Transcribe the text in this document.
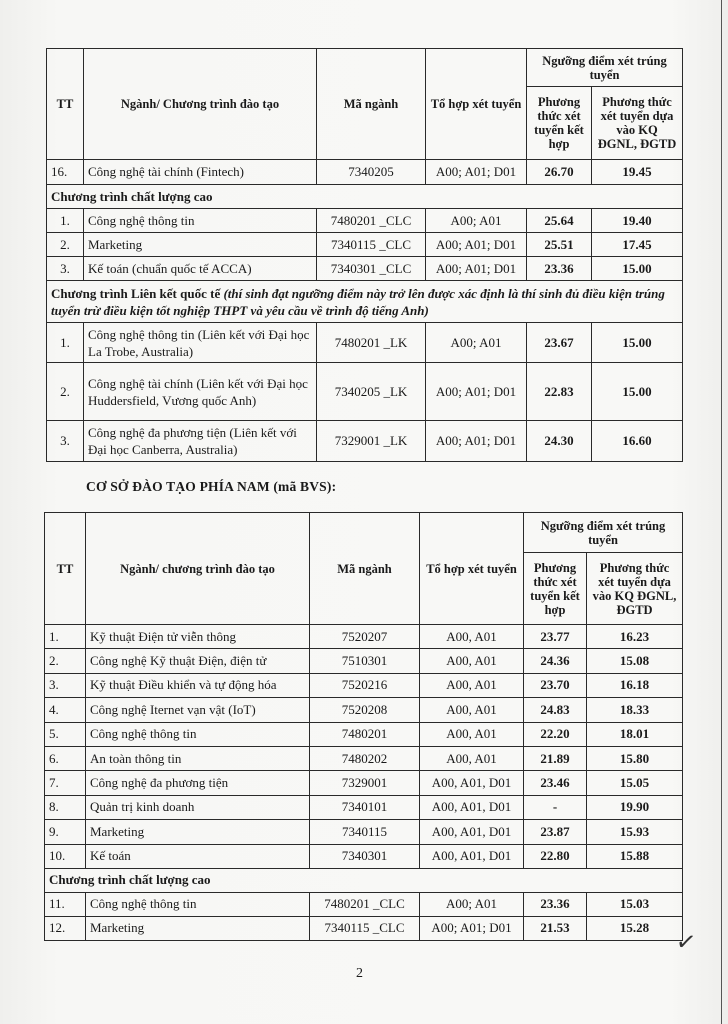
TT	Ngành/ Chương trình đào tạo	Mã ngành	Tổ hợp xét tuyển	Ngưỡng điểm xét trúng tuyển	
				Phương thức xét tuyển kết hợp	Phương thức xét tuyển dựa vào KQ ĐGNL, ĐGTD
16.	Công nghệ tài chính (Fintech)	7340205	A00; A01; D01	26.70	19.45
Chương trình chất lượng cao					
1.	Công nghệ thông tin	7480201 _CLC	A00; A01	25.64	19.40
2.	Marketing	7340115 _CLC	A00; A01; D01	25.51	17.45
3.	Kế toán (chuẩn quốc tế ACCA)	7340301 _CLC	A00; A01; D01	23.36	15.00
Chương trình Liên kết quốc tế (thí sinh đạt ngưỡng điểm này trở lên được xác định là thí sinh đủ điều kiện trúng tuyển trừ điều kiện tốt nghiệp THPT và yêu cầu về trình độ tiếng Anh)					
1.	Công nghệ thông tin (Liên kết với Đại học La Trobe, Australia)	7480201 _LK	A00; A01	23.67	15.00
2.	Công nghệ tài chính (Liên kết với Đại học Huddersfield, Vương quốc Anh)	7340205 _LK	A00; A01; D01	22.83	15.00
3.	Công nghệ đa phương tiện (Liên kết với Đại học Canberra, Australia)	7329001 _LK	A00; A01; D01	24.30	16.60
CƠ SỞ ĐÀO TẠO PHÍA NAM (mã BVS):
TT	Ngành/ chương trình đào tạo	Mã ngành	Tổ hợp xét tuyển	Ngưỡng điểm xét trúng tuyển	
				Phương thức xét tuyển kết hợp	Phương thức xét tuyển dựa vào KQ ĐGNL, ĐGTD
1.	Kỹ thuật Điện tử viễn thông	7520207	A00, A01	23.77	16.23
2.	Công nghệ Kỹ thuật Điện, điện tử	7510301	A00, A01	24.36	15.08
3.	Kỹ thuật Điều khiển và tự động hóa	7520216	A00, A01	23.70	16.18
4.	Công nghệ Iternet vạn vật (IoT)	7520208	A00, A01	24.83	18.33
5.	Công nghệ thông tin	7480201	A00, A01	22.20	18.01
6.	An toàn thông tin	7480202	A00, A01	21.89	15.80
7.	Công nghệ đa phương tiện	7329001	A00, A01, D01	23.46	15.05
8.	Quản trị kinh doanh	7340101	A00, A01, D01	-	19.90
9.	Marketing	7340115	A00, A01, D01	23.87	15.93
10.	Kế toán	7340301	A00, A01, D01	22.80	15.88
Chương trình chất lượng cao					
11.	Công nghệ thông tin	7480201 _CLC	A00; A01	23.36	15.03
12.	Marketing	7340115 _CLC	A00; A01; D01	21.53	15.28
2
✓
